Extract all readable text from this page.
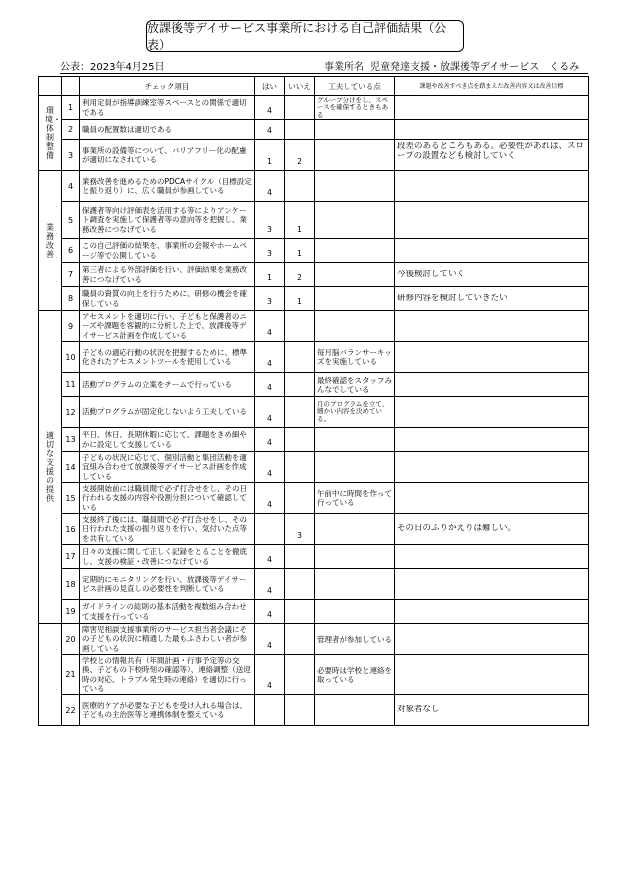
放課後等デイサービス事業所における自己評価結果（公表）
公表：2023年4月25日	事業所名 児童発達支援・放課後等デイサービス　くるみ
		チェック項目	はい	いいえ	工夫している点	課題や改善すべき点を踏まえた改善内容又は改善目標
環境・体制整備	1	利用定員が指導訓練室等スペースとの関係で適切である	4		グループ分けをし、スペースを確保するときもある	

	2	職員の配置数は適切である	4		

	3	事業所の設備等について、バリアフリー化の配慮が適切になされている	1	2		段差のあるところもある。必要性があれば、スロープの設置なども検討していく

業務改善	4	業務改善を進めるためのPDCAサイクル（目標設定と振り返り）に、広く職員が参画している	4		

	5	保護者等向け評価表を活用する等によりアンケート調査を実施して保護者等の意向等を把握し、業務改善につなげている	3	1	

	6	この自己評価の結果を、事業所の会報やホームページ等で公開している	3	1	

	7	第三者による外部評価を行い、評価結果を業務改善につなげている	1	2		今後検討していく

	8	職員の資質の向上を行うために、研修の機会を確保している	3	1		研修内容を検討していきたい

適切な支援の提供	9	アセスメントを適切に行い、子どもと保護者のニーズや課題を客観的に分析した上で、放課後等デイサービス計画を作成している	4		

	10	子どもの適応行動の状況を把握するために、標準化されたアセスメントツールを使用している	4		毎月脳バランサーキッズを実施している	

	11	活動プログラムの立案をチームで行っている	4		最終確認をスタッフみんなでしている	

	12	活動プログラムが固定化しないよう工夫している	4		月のプログラムを立て、細かい内容を決めている。	

	13	平日、休日、長期休暇に応じて、課題をきめ細やかに設定して支援している	4		

	14	子どもの状況に応じて、個別活動と集団活動を適宜組み合わせて放課後等デイサービス計画を作成している	4		

	15	支援開始前には職員間で必ず打合せをし、その日行われる支援の内容や役割分担について確認している	4		午前中に時間を作って行っている	

	16	支援終了後には、職員間で必ず打合せをし、その日行われた支援の振り返りを行い、気付いた点等を共有している		3		その日のふりかえりは難しい。

	17	日々の支援に関して正しく記録をとることを徹底し、支援の検証・改善につなげている	4		

	18	定期的にモニタリングを行い、放課後等デイサービス計画の見直しの必要性を判断している	4		

	19	ガイドラインの総則の基本活動を複数組み合わせて支援を行っている	4		

	20	障害児相談支援事業所のサービス担当者会議にその子どもの状況に精通した最もふさわしい者が参画している	4		管理者が参加している	

	21	学校との情報共有（年間計画・行事予定等の交換、子どもの下校時刻の確認等）、連絡調整（送迎時の対応、トラブル発生時の連絡）を適切に行っている	4		必要時は学校と連絡を取っている	

	22	医療的ケアが必要な子どもを受け入れる場合は、子どもの主治医等と連携体制を整えている				対象者なし
